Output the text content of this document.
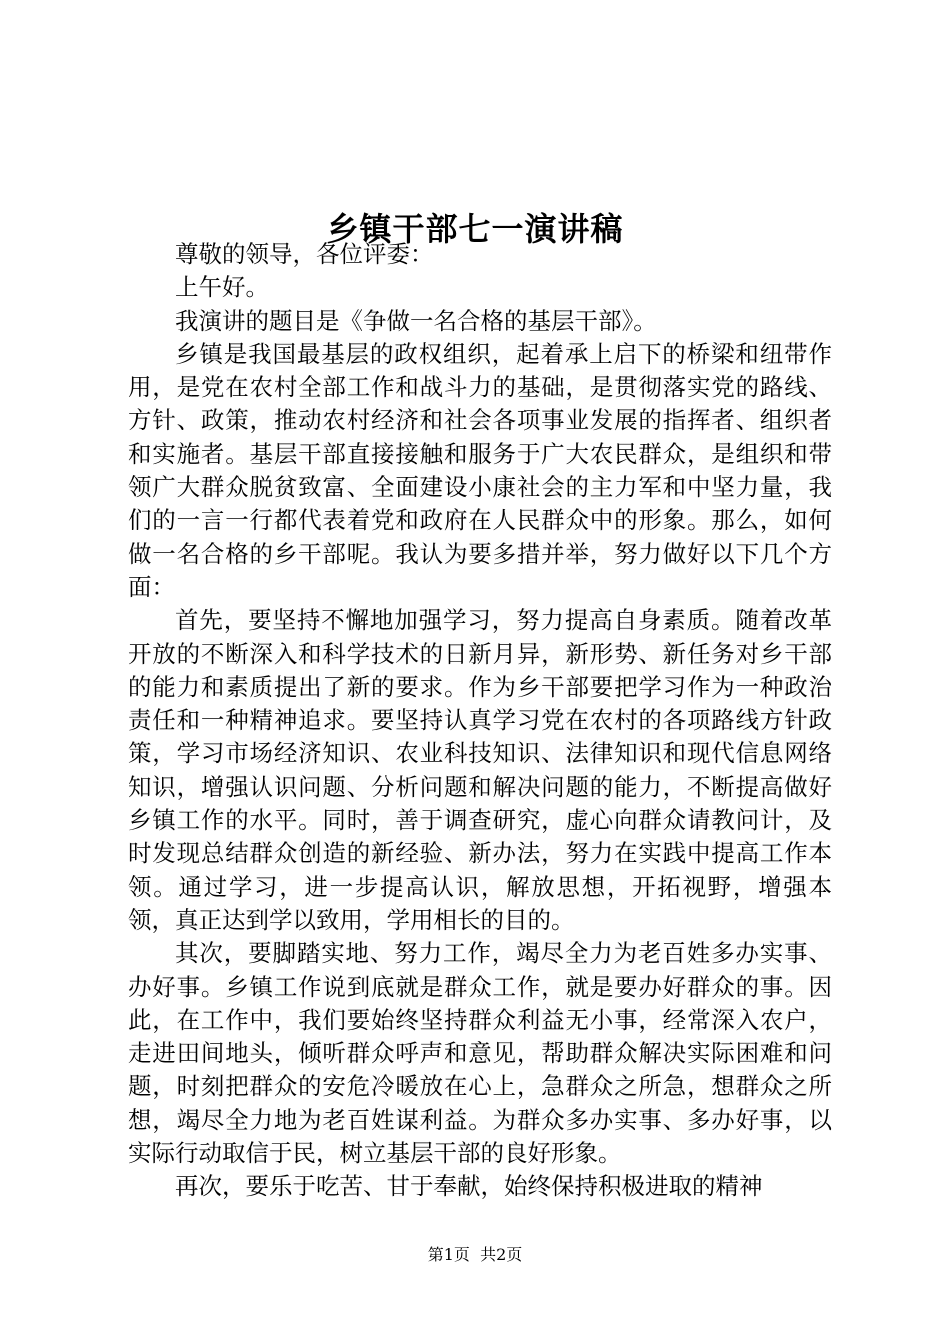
乡镇干部七一演讲稿

尊敬的领导，各位评委：

上午好。

我演讲的题目是《争做一名合格的基层干部》。

乡镇是我国最基层的政权组织，起着承上启下的桥梁和纽带作用，是党在农村全部工作和战斗力的基础，是贯彻落实党的路线、方针、政策，推动农村经济和社会各项事业发展的指挥者、组织者和实施者。基层干部直接接触和服务于广大农民群众，是组织和带领广大群众脱贫致富、全面建设小康社会的主力军和中坚力量，我们的一言一行都代表着党和政府在人民群众中的形象。那么，如何做一名合格的乡干部呢。我认为要多措并举，努力做好以下几个方面：

首先，要坚持不懈地加强学习，努力提高自身素质。随着改革开放的不断深入和科学技术的日新月异，新形势、新任务对乡干部的能力和素质提出了新的要求。作为乡干部要把学习作为一种政治责任和一种精神追求。要坚持认真学习党在农村的各项路线方针政策，学习市场经济知识、农业科技知识、法律知识和现代信息网络知识，增强认识问题、分析问题和解决问题的能力，不断提高做好乡镇工作的水平。同时，善于调查研究，虚心向群众请教问计，及时发现总结群众创造的新经验、新办法，努力在实践中提高工作本领。通过学习，进一步提高认识，解放思想，开拓视野，增强本领，真正达到学以致用，学用相长的目的。

其次，要脚踏实地、努力工作，竭尽全力为老百姓多办实事、办好事。乡镇工作说到底就是群众工作，就是要办好群众的事。因此，在工作中，我们要始终坚持群众利益无小事，经常深入农户，走进田间地头，倾听群众呼声和意见，帮助群众解决实际困难和问题，时刻把群众的安危冷暖放在心上，急群众之所急，想群众之所想，竭尽全力地为老百姓谋利益。为群众多办实事、多办好事，以实际行动取信于民，树立基层干部的良好形象。

再次，要乐于吃苦、甘于奉献，始终保持积极进取的精神

第1页  共2页
